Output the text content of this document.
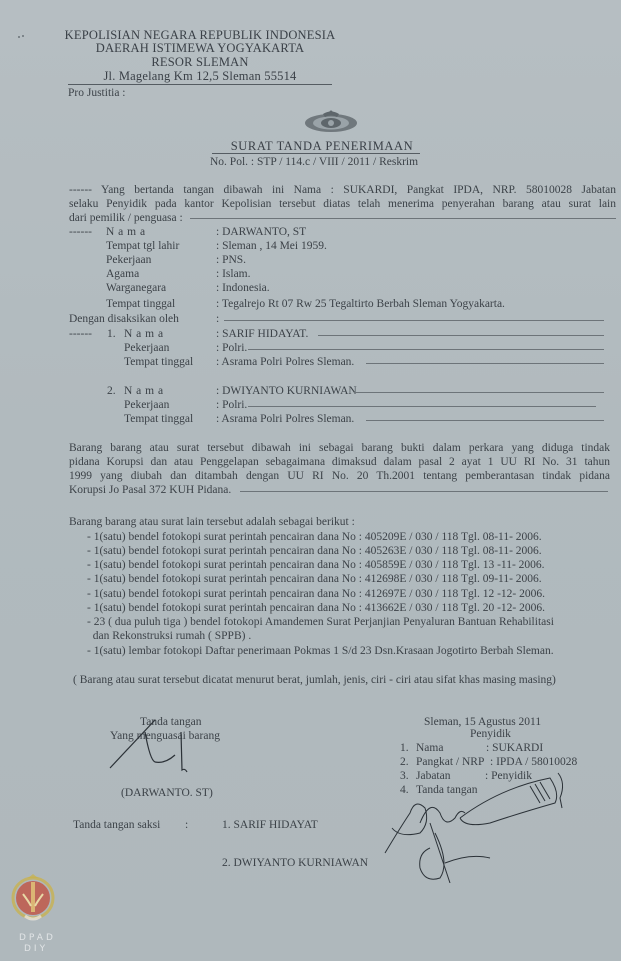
KEPOLISIAN NEGARA REPUBLIK INDONESIA
DAERAH ISTIMEWA YOGYAKARTA
RESOR SLEMAN
Jl. Magelang Km 12,5 Sleman 55514
Pro Justitia :
SURAT TANDA PENERIMAAN
No. Pol. : STP / 114.c / VIII / 2011 / Reskrim
------ Yang bertanda tangan dibawah ini Nama : SUKARDI, Pangkat IPDA, NRP. 58010028 Jabatan
selaku Penyidik pada kantor Kepolisian tersebut diatas telah menerima penyerahan barang atau surat lain
dari pemilik / penguasa :
------ N a m a	: DARWANTO, ST
Tempat tgl lahir	: Sleman , 14 Mei 1959.
Pekerjaan	: PNS.
Agama	: Islam.
Warganegara	: Indonesia.
Tempat tinggal	: Tegalrejo Rt 07 Rw 25 Tegaltirto Berbah Sleman Yogyakarta.
Dengan disaksikan oleh	:
------ 1. N a m a	: SARIF HIDAYAT.
Pekerjaan	: Polri.
Tempat tinggal : Asrama Polri Polres Sleman.
2. N a m a	: DWIYANTO KURNIAWAN
Pekerjaan	: Polri.
Tempat tinggal : Asrama Polri Polres Sleman.
Barang barang atau surat tersebut dibawah ini sebagai barang bukti dalam perkara yang diduga tindak
pidana Korupsi dan atau Penggelapan sebagaimana dimaksud dalam pasal 2 ayat 1 UU RI No. 31 tahun
1999 yang diubah dan ditambah dengan UU RI No. 20 Th.2001 tentang pemberantasan tindak pidana
Korupsi Jo Pasal 372 KUH Pidana.
Barang barang atau surat lain tersebut adalah sebagai berikut :
- 1(satu) bendel fotokopi surat perintah pencairan dana No : 405209E / 030 / 118 Tgl. 08-11- 2006.
- 1(satu) bendel fotokopi surat perintah pencairan dana No : 405263E / 030 / 118 Tgl. 08-11- 2006.
- 1(satu) bendel fotokopi surat perintah pencairan dana No : 405859E / 030 / 118 Tgl. 13 -11- 2006.
- 1(satu) bendel fotokopi surat perintah pencairan dana No : 412698E / 030 / 118 Tgl. 09-11- 2006.
- 1(satu) bendel fotokopi surat perintah pencairan dana No : 412697E / 030 / 118 Tgl. 12 -12- 2006.
- 1(satu) bendel fotokopi surat perintah pencairan dana No : 413662E / 030 / 118 Tgl. 20 -12- 2006.
- 23 ( dua puluh tiga ) bendel fotokopi Amandemen Surat Perjanjian Penyaluran Bantuan Rehabilitasi
dan Rekonstruksi rumah ( SPPB) .
- 1(satu) lembar fotokopi Daftar penerimaan Pokmas 1 S/d 23 Dsn.Krasaan Jogotirto Berbah Sleman.
( Barang atau surat tersebut dicatat menurut berat, jumlah, jenis, ciri - ciri atau sifat khas masing masing)
Tanda tangan
Yang menguasai barang
(DARWANTO. ST)
Sleman, 15 Agustus 2011
Penyidik
1. Nama	: SUKARDI
2. Pangkat / NRP : IPDA / 58010028
3. Jabatan	: Penyidik
4. Tanda tangan
Tanda tangan saksi :	1. SARIF HIDAYAT
2. DWIYANTO KURNIAWAN
DPAD
DIY
